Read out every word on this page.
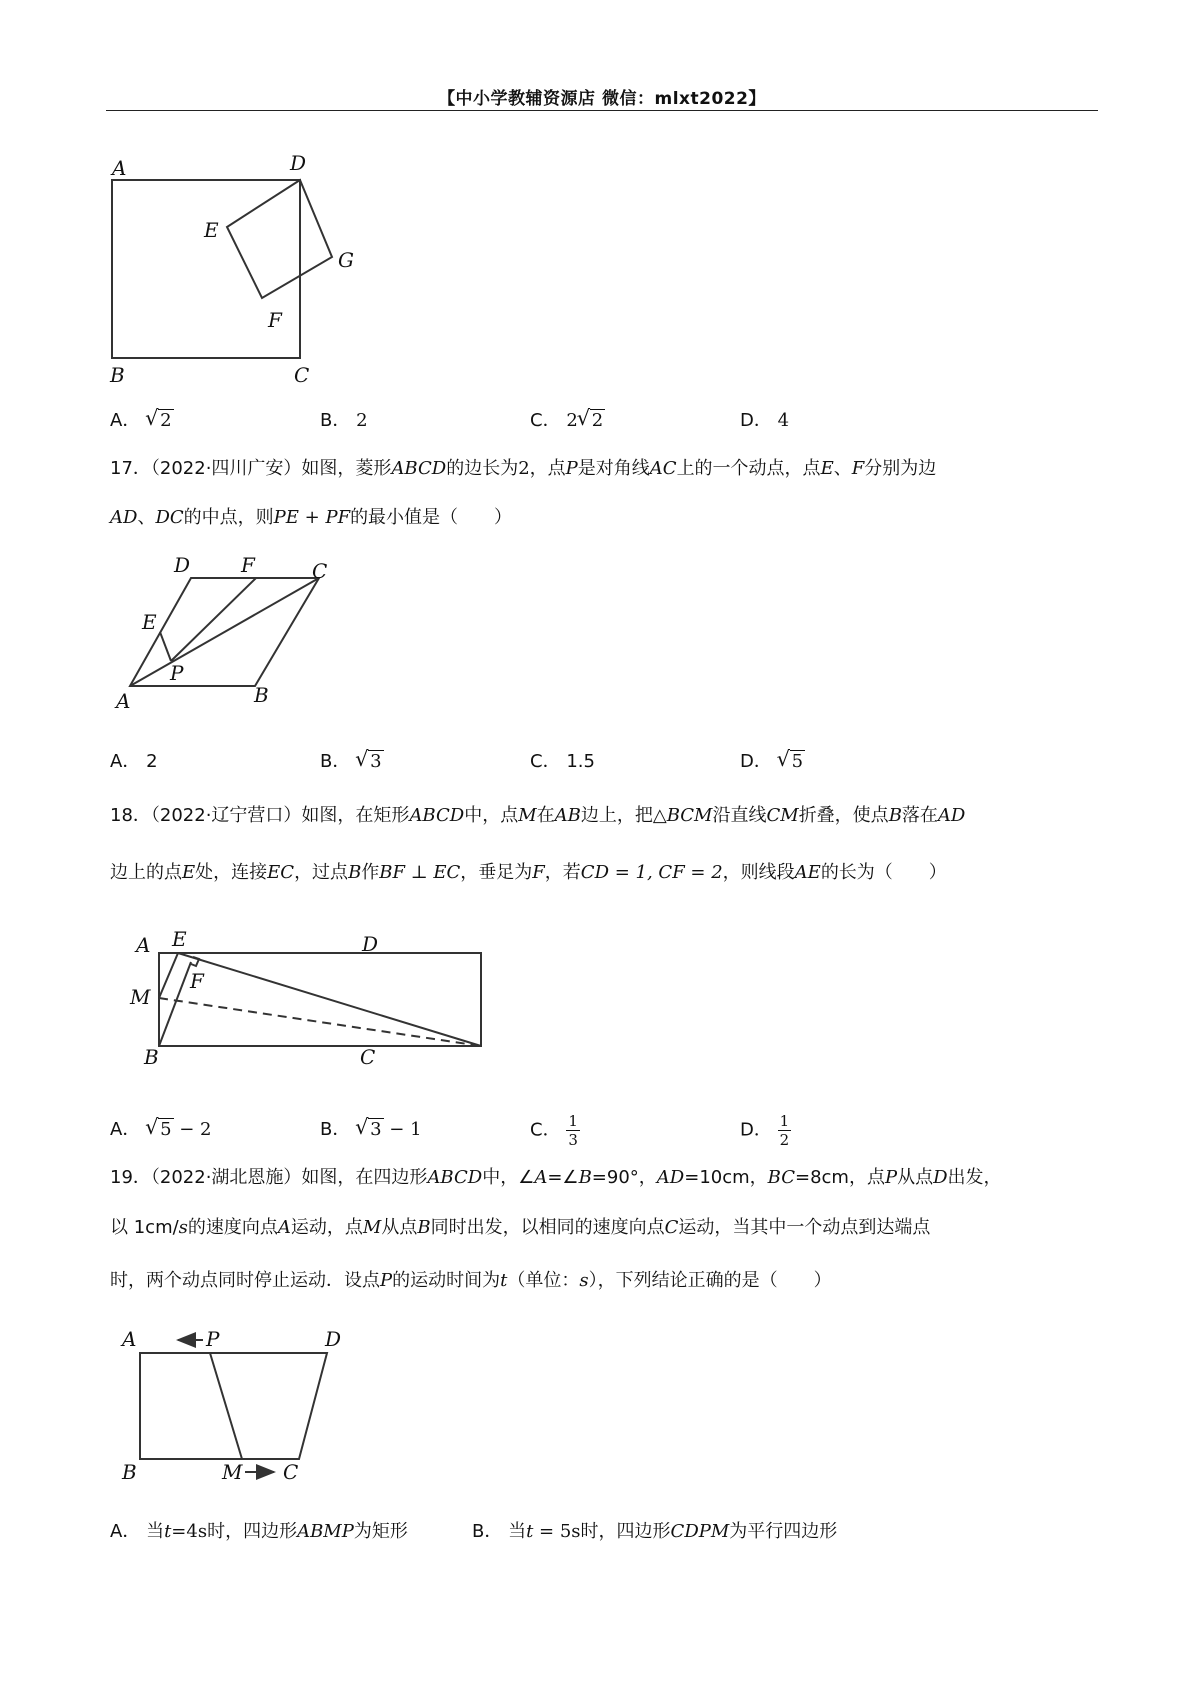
【中小学教辅资源店 微信：mlxt2022】
A	D
E
G
F
B	C
A． √ 2	B． 2	C． 2 √ 2	D． 4
17．（2022·四川广安）如图，菱形ABCD的边长为2，点P是对角线AC上的一个动点，点E、F分别为边
AD、DC的中点，则PE + PF的最小值是（　　）
D	F	C
E
P
A	B
A． 2	B． √ 3	C． 1.5	D． √ 5
18．（2022·辽宁营口）如图，在矩形ABCD中，点M在AB边上，把△BCM沿直线CM折叠，使点B落在AD
边上的点E处，连接EC，过点B作BF ⊥ EC，垂足为F，若CD = 1, CF = 2，则线段AE的长为（　　）
A E	D
M
F
B	C
A． √ 5 − 2	B． √ 3 − 1	C． $\frac{1}{3}$	D． $\frac{1}{2}$
19．（2022·湖北恩施）如图，在四边形ABCD中，∠A=∠B=90°，AD=10cm，BC=8cm，点P从点D出发，
以 1cm/s的速度向点A运动，点M从点B同时出发，以相同的速度向点C运动，当其中一个动点到达端点
时，两个动点同时停止运动．设点P的运动时间为t（单位：s），下列结论正确的是（　　）
A	P	D
B	M C
A． 当t=4s时，四边形ABMP为矩形	B． 当t = 5s时，四边形CDPM为平行四边形
